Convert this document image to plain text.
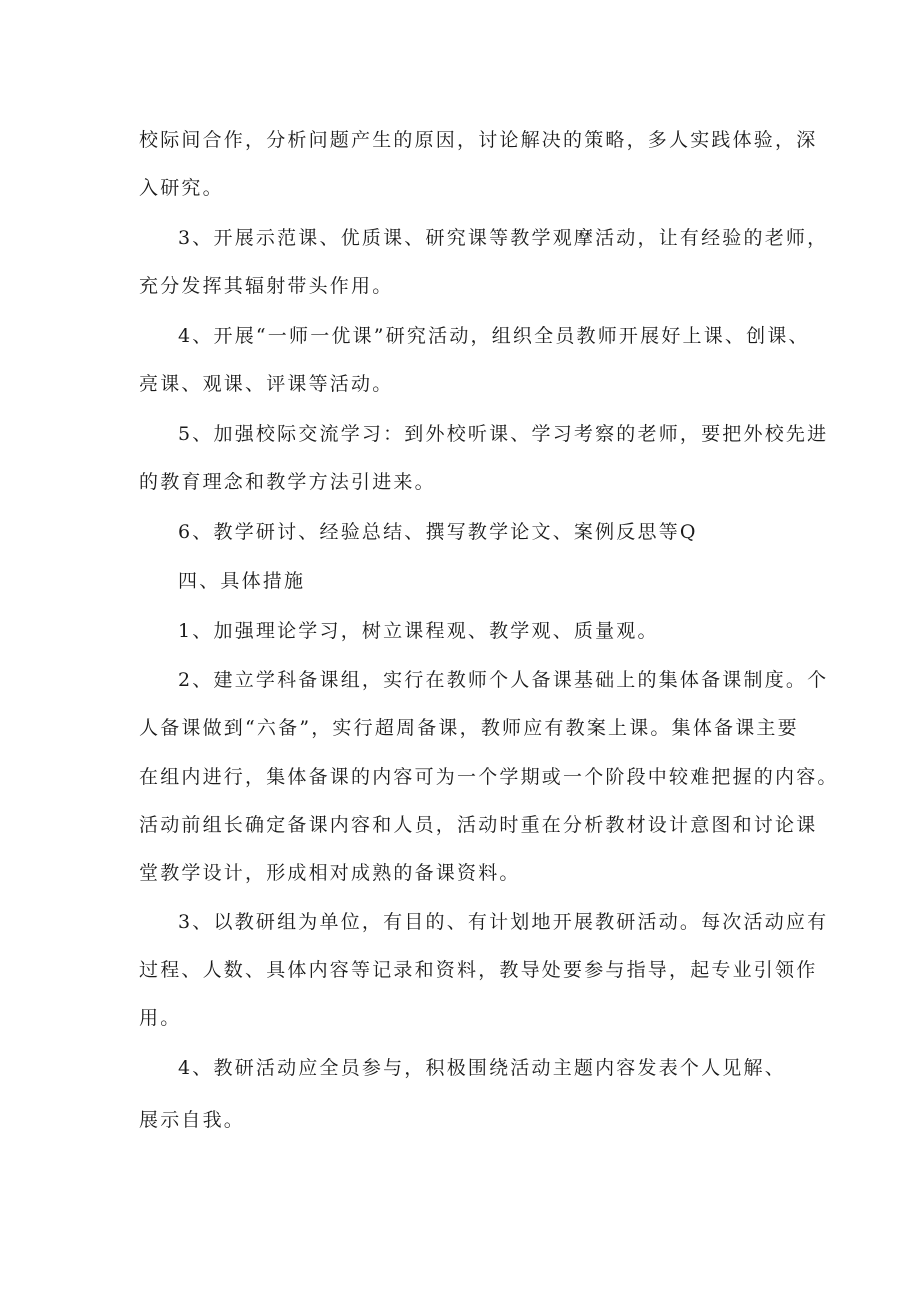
校际间合作，分析问题产生的原因，讨论解决的策略，多人实践体验，深
入研究。
3、开展示范课、优质课、研究课等教学观摩活动，让有经验的老师，
充分发挥其辐射带头作用。
4、开展“一师一优课”研究活动，组织全员教师开展好上课、创课、
亮课、观课、评课等活动。
5、加强校际交流学习：到外校听课、学习考察的老师，要把外校先进
的教育理念和教学方法引进来。
6、教学研讨、经验总结、撰写教学论文、案例反思等Q
四、具体措施
1、加强理论学习，树立课程观、教学观、质量观。
2、建立学科备课组，实行在教师个人备课基础上的集体备课制度。个
人备课做到“六备”，实行超周备课，教师应有教案上课。集体备课主要
在组内进行，集体备课的内容可为一个学期或一个阶段中较难把握的内容。
活动前组长确定备课内容和人员，活动时重在分析教材设计意图和讨论课
堂教学设计，形成相对成熟的备课资料。
3、以教研组为单位，有目的、有计划地开展教研活动。每次活动应有
过程、人数、具体内容等记录和资料，教导处要参与指导，起专业引领作
用。
4、教研活动应全员参与，积极围绕活动主题内容发表个人见解、
展示自我。
